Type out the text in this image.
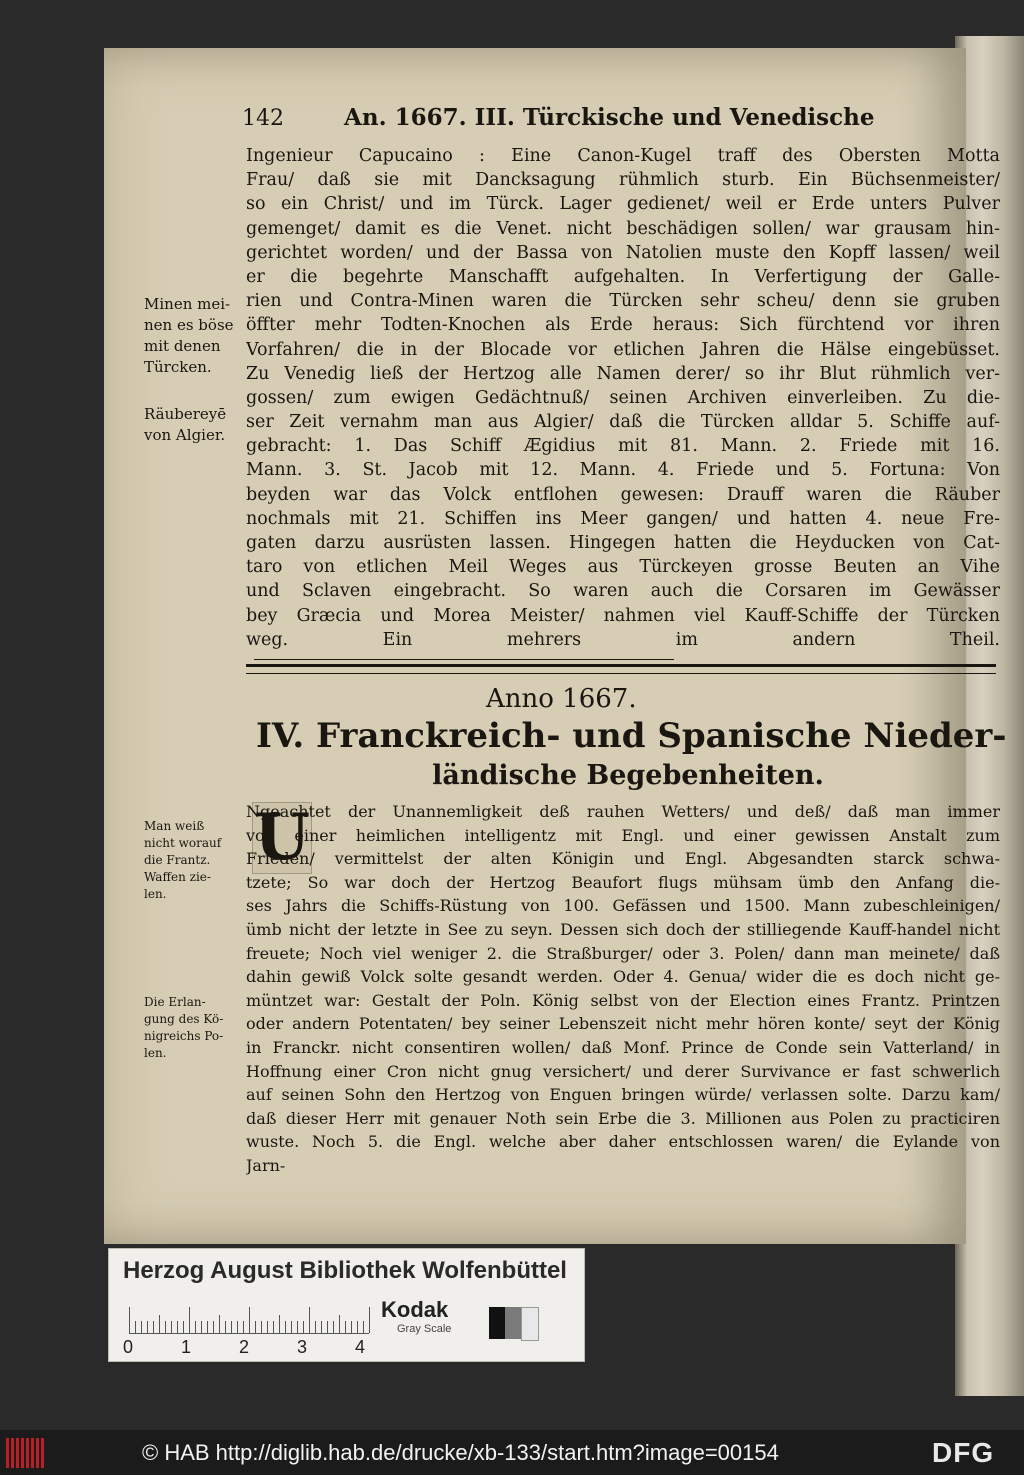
142	An. 1667. III. Türckische und Venedische
Minen mei-
nen es böse
mit denen
Türcken.
Räubereyē
von Algier.
Ingenieur Capucaino : Eine Canon-Kugel traff des Obersten Motta
Frau/ daß sie mit Dancksagung rühmlich sturb. Ein Büchsenmeister/
so ein Christ/ und im Türck. Lager gedienet/ weil er Erde unters Pulver
gemenget/ damit es die Venet. nicht beschädigen sollen/ war grausam hin-
gerichtet worden/ und der Bassa von Natolien muste den Kopff lassen/ weil
er die begehrte Manschafft aufgehalten. In Verfertigung der Galle-
rien und Contra-Minen waren die Türcken sehr scheu/ denn sie gruben
öffter mehr Todten-Knochen als Erde heraus: Sich fürchtend vor ihren
Vorfahren/ die in der Blocade vor etlichen Jahren die Hälse eingebüsset.
Zu Venedig ließ der Hertzog alle Namen derer/ so ihr Blut rühmlich ver-
gossen/ zum ewigen Gedächtnuß/ seinen Archiven einverleiben. Zu die-
ser Zeit vernahm man aus Algier/ daß die Türcken alldar 5. Schiffe auf-
gebracht: 1. Das Schiff Ægidius mit 81. Mann. 2. Friede mit 16.
Mann. 3. St. Jacob mit 12. Mann. 4. Friede und 5. Fortuna: Von
beyden war das Volck entflohen gewesen: Drauff waren die Räuber
nochmals mit 21. Schiffen ins Meer gangen/ und hatten 4. neue Fre-
gaten darzu ausrüsten lassen. Hingegen hatten die Heyducken von Cat-
taro von etlichen Meil Weges aus Türckeyen grosse Beuten an Vihe
und Sclaven eingebracht. So waren auch die Corsaren im Gewässer
bey Græcia und Morea Meister/ nahmen viel Kauff-Schiffe der Türcken
weg. Ein mehrers im andern Theil.
Anno 1667.
IV. Franckreich- und Spanische Nieder-
ländische Begebenheiten.
Man weiß
nicht worauf
die Frantz.
Waffen zie-
len.
Die Erlan-
gung des Kö-
nigreichs Po-
len.
U
Ngeachtet der Unannemligkeit deß rauhen Wetters/ und deß/ daß man immer
von einer heimlichen intelligentz mit Engl. und einer gewissen Anstalt zum
Frieden/ vermittelst der alten Königin und Engl. Abgesandten starck schwa-
tzete; So war doch der Hertzog Beaufort flugs mühsam ümb den Anfang die-
ses Jahrs die Schiffs-Rüstung von 100. Gefässen und 1500. Mann zubeschleinigen/
ümb nicht der letzte in See zu seyn. Dessen sich doch der stilliegende Kauff-handel nicht
freuete; Noch viel weniger 2. die Straßburger/ oder 3. Polen/ dann man meinete/ daß
dahin gewiß Volck solte gesandt werden. Oder 4. Genua/ wider die es doch nicht ge-
müntzet war: Gestalt der Poln. König selbst von der Election eines Frantz. Printzen
oder andern Potentaten/ bey seiner Lebenszeit nicht mehr hören konte/ seyt der König
in Franckr. nicht consentiren wollen/ daß Monf. Prince de Conde sein Vatterland/ in
Hoffnung einer Cron nicht gnug versichert/ und derer Survivance er fast schwerlich
auf seinen Sohn den Hertzog von Enguen bringen würde/ verlassen solte. Darzu kam/
daß dieser Herr mit genauer Noth sein Erbe die 3. Millionen aus Polen zu practiciren
wuste. Noch 5. die Engl. welche aber daher entschlossen waren/ die Eylande von
Jarn-
Herzog August Bibliothek Wolfenbüttel
0	1	2	3	4
Kodak
Gray Scale
© HAB http://diglib.hab.de/drucke/xb-133/start.htm?image=00154	DFG
